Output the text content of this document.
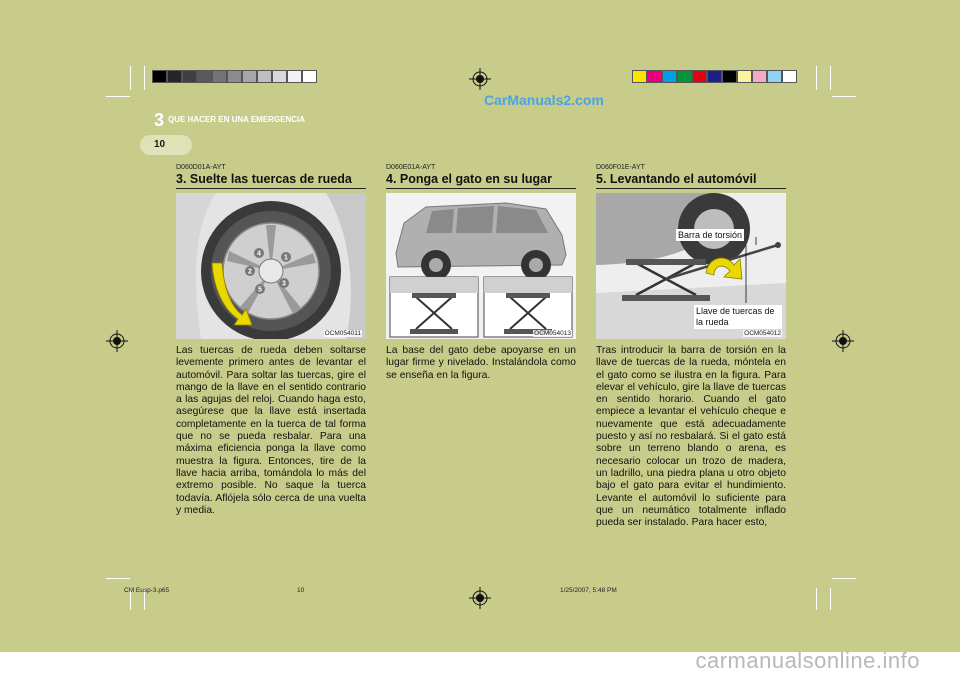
CarManuals2.com
3 QUE HACER EN UNA EMERGENCIA
10
D060D01A-AYT
3. Suelte las tuercas de rueda
4
1
3
5
2
OCM054011
Las tuercas de rueda deben soltarse levemente primero antes de levantar el automóvil. Para soltar las tuercas, gire el mango de la llave en el sentido contrario a las agujas del reloj. Cuando haga esto, asegúrese que la llave está insertada completamente en la tuerca de tal forma que no se pueda resbalar. Para una máxima eficiencia ponga la llave como muestra la figura. Entonces, tire de la llave hacia arriba, tomándola lo más del extremo posible. No saque la tuerca todavía. Aflójela sólo cerca de una vuelta y media.
D060E01A-AYT
4. Ponga el gato en su lugar
OCM054013
La base del gato debe apoyarse en un lugar firme y nivelado. Instalándola como se enseña en la figura.
D060F01E-AYT
5. Levantando el automóvil
Barra de torsión
Llave de tuercas de la rueda
OCM054012
Tras introducir la barra de torsión en la llave de tuercas de la rueda, móntela en el gato como se ilustra en la figura. Para elevar el vehículo, gire la llave de tuercas en sentido horario. Cuando el gato empiece a levantar el vehículo cheque e nuevamente que está adecuadamente puesto y así no resbalará. Si el gato está sobre un terreno blando o arena, es necesario colocar un trozo de madera, un ladrillo, una piedra plana u otro objeto bajo el gato para evitar el hundimiento. Levante el automóvil lo suficiente para que un neumático totalmente inflado pueda ser instalado. Para hacer esto,
CM Eusp-3.p65	10	1/25/2007, 5:48 PM
carmanualsonline.info
